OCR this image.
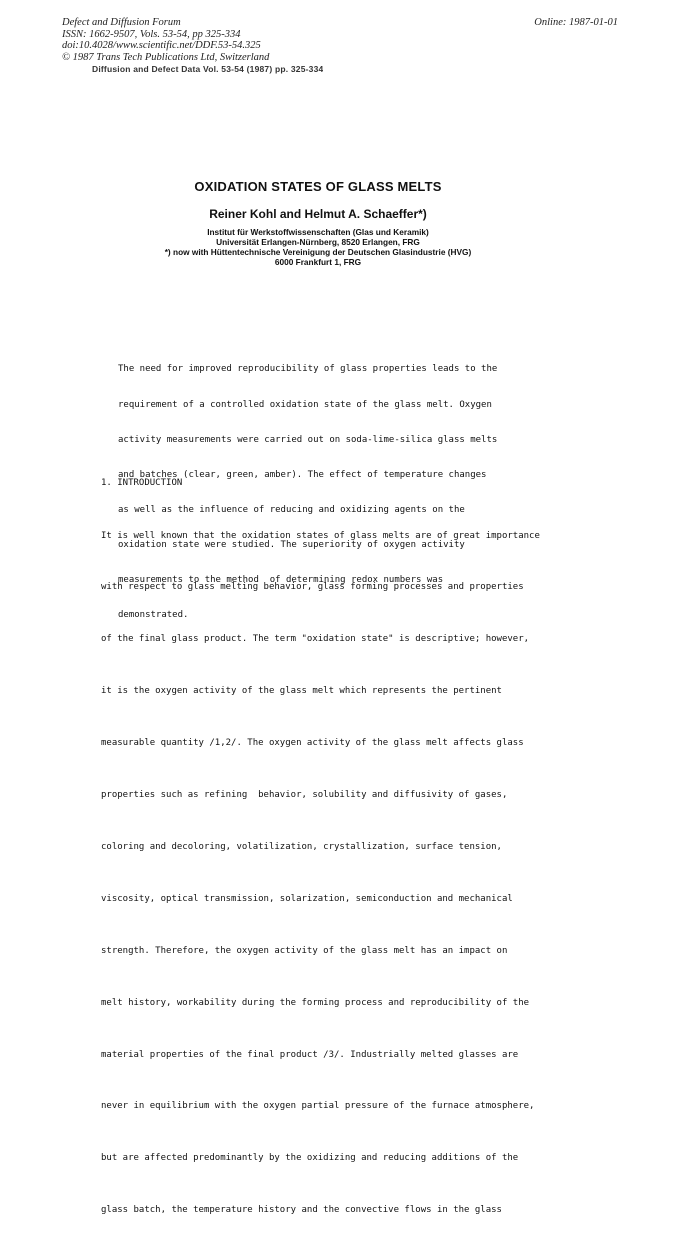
Defect and Diffusion Forum
ISSN: 1662-9507, Vols. 53-54, pp 325-334
doi:10.4028/www.scientific.net/DDF.53-54.325
© 1987 Trans Tech Publications Ltd, Switzerland
Online: 1987-01-01
Diffusion and Defect Data Vol. 53-54 (1987) pp. 325-334
OXIDATION STATES OF GLASS MELTS
Reiner Kohl and Helmut A. Schaeffer*)
Institut für Werkstoffwissenschaften (Glas und Keramik)
Universität Erlangen-Nürnberg, 8520 Erlangen, FRG
*) now with Hüttentechnische Vereinigung der Deutschen Glasindustrie (HVG)
6000 Frankfurt 1, FRG

The need for improved reproducibility of glass properties leads to the

requirement of a controlled oxidation state of the glass melt. Oxygen

activity measurements were carried out on soda-lime-silica glass melts

and batches (clear, green, amber). The effect of temperature changes

as well as the influence of reducing and oxidizing agents on the

oxidation state were studied. The superiority of oxygen activity

measurements to the method  of determining redox numbers was

demonstrated.

1. INTRODUCTION

It is well known that the oxidation states of glass melts are of great importance

with respect to glass melting behavior, glass forming processes and properties

of the final glass product. The term "oxidation state" is descriptive; however,

it is the oxygen activity of the glass melt which represents the pertinent

measurable quantity /1,2/. The oxygen activity of the glass melt affects glass

properties such as refining  behavior, solubility and diffusivity of gases,

coloring and decoloring, volatilization, crystallization, surface tension,

viscosity, optical transmission, solarization, semiconduction and mechanical

strength. Therefore, the oxygen activity of the glass melt has an impact on

melt history, workability during the forming process and reproducibility of the

material properties of the final product /3/. Industrially melted glasses are

never in equilibrium with the oxygen partial pressure of the furnace atmosphere,

but are affected predominantly by the oxidizing and reducing additions of the

glass batch, the temperature history and the convective flows in the glass
